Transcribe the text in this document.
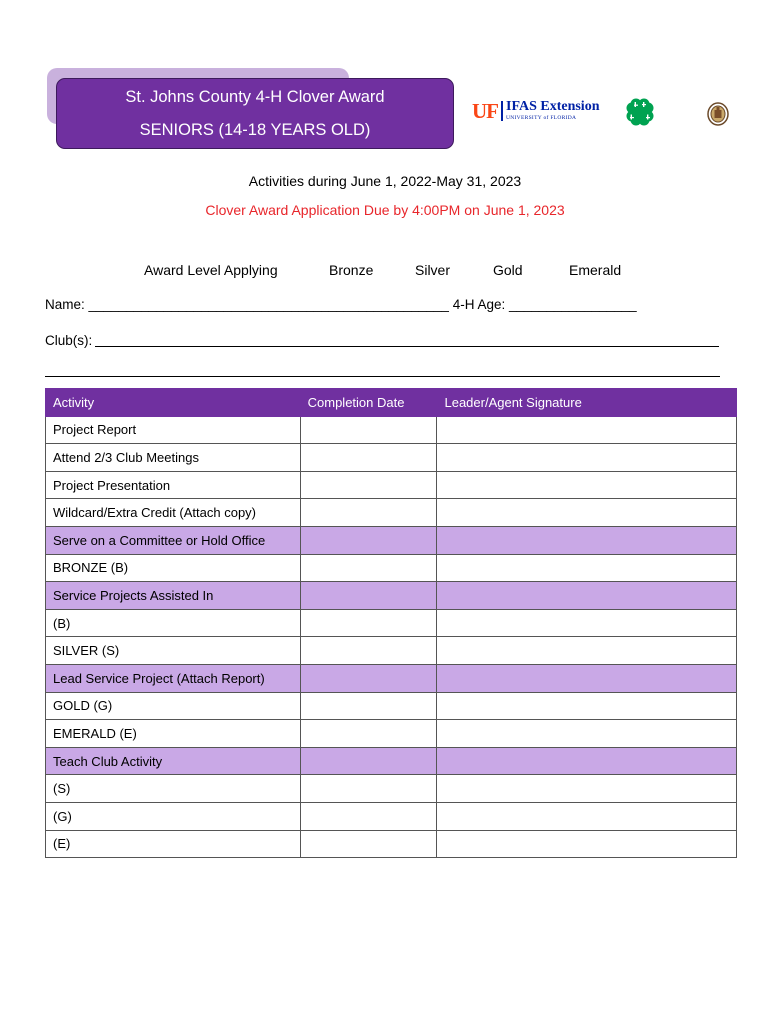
St. Johns County 4-H Clover Award
SENIORS (14-18 YEARS OLD)
UF IFAS Extension
UNIVERSITY of FLORIDA
Activities during June 1, 2022-May 31, 2023
Clover Award Application Due by 4:00PM on June 1, 2023
Award Level Applying	Bronze	Silver	Gold	Emerald
Name: ________________________________________________ 4-H Age: _________________
Club(s):
Activity	Completion Date	Leader/Agent Signature
Project Report		
Attend 2/3 Club Meetings		
Project Presentation		
Wildcard/Extra Credit (Attach copy)		
Serve on a Committee or Hold Office		
BRONZE (B)		
Service Projects Assisted In		
(B)		
SILVER (S)		
Lead Service Project (Attach Report)		
GOLD (G)		
EMERALD (E)		
Teach Club Activity		
(S)		
(G)		
(E)		
